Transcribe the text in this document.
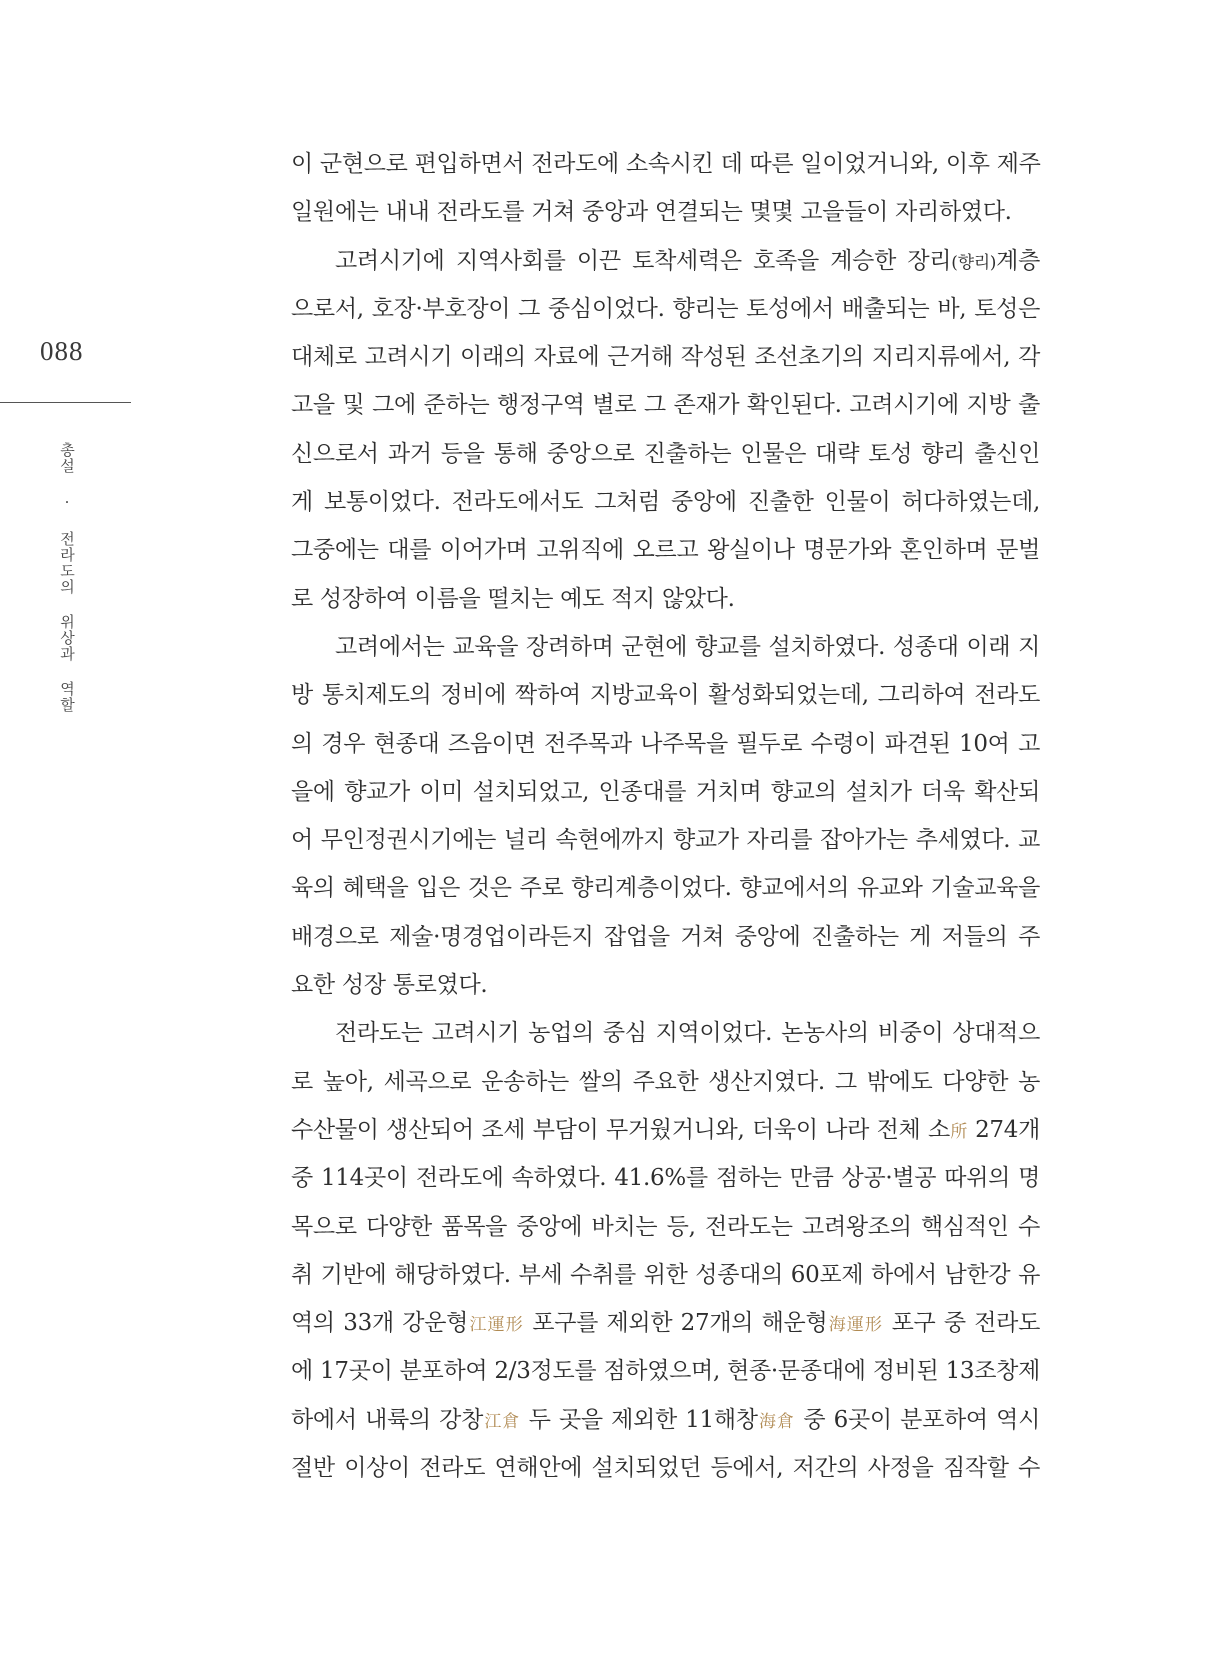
088
총설 · 전라도의 위상과 역할
이 군현으로 편입하면서 전라도에 소속시킨 데 따른 일이었거니와, 이후 제주
일원에는 내내 전라도를 거쳐 중앙과 연결되는 몇몇 고을들이 자리하였다.
고려시기에 지역사회를 이끈 토착세력은 호족을 계승한 장리(향리)계층
으로서, 호장·부호장이 그 중심이었다. 향리는 토성에서 배출되는 바, 토성은
대체로 고려시기 이래의 자료에 근거해 작성된 조선초기의 지리지류에서, 각
고을 및 그에 준하는 행정구역 별로 그 존재가 확인된다. 고려시기에 지방 출
신으로서 과거 등을 통해 중앙으로 진출하는 인물은 대략 토성 향리 출신인
게 보통이었다. 전라도에서도 그처럼 중앙에 진출한 인물이 허다하였는데,
그중에는 대를 이어가며 고위직에 오르고 왕실이나 명문가와 혼인하며 문벌
로 성장하여 이름을 떨치는 예도 적지 않았다.
고려에서는 교육을 장려하며 군현에 향교를 설치하였다. 성종대 이래 지
방 통치제도의 정비에 짝하여 지방교육이 활성화되었는데, 그리하여 전라도
의 경우 현종대 즈음이면 전주목과 나주목을 필두로 수령이 파견된 10여 고
을에 향교가 이미 설치되었고, 인종대를 거치며 향교의 설치가 더욱 확산되
어 무인정권시기에는 널리 속현에까지 향교가 자리를 잡아가는 추세였다. 교
육의 혜택을 입은 것은 주로 향리계층이었다. 향교에서의 유교와 기술교육을
배경으로 제술·명경업이라든지 잡업을 거쳐 중앙에 진출하는 게 저들의 주
요한 성장 통로였다.
전라도는 고려시기 농업의 중심 지역이었다. 논농사의 비중이 상대적으
로 높아, 세곡으로 운송하는 쌀의 주요한 생산지였다. 그 밖에도 다양한 농
수산물이 생산되어 조세 부담이 무거웠거니와, 더욱이 나라 전체 소所 274개
중 114곳이 전라도에 속하였다. 41.6%를 점하는 만큼 상공·별공 따위의 명
목으로 다양한 품목을 중앙에 바치는 등, 전라도는 고려왕조의 핵심적인 수
취 기반에 해당하였다. 부세 수취를 위한 성종대의 60포제 하에서 남한강 유
역의 33개 강운형江運形 포구를 제외한 27개의 해운형海運形 포구 중 전라도
에 17곳이 분포하여 2/3정도를 점하였으며, 현종·문종대에 정비된 13조창제
하에서 내륙의 강창江倉 두 곳을 제외한 11해창海倉 중 6곳이 분포하여 역시
절반 이상이 전라도 연해안에 설치되었던 등에서, 저간의 사정을 짐작할 수
